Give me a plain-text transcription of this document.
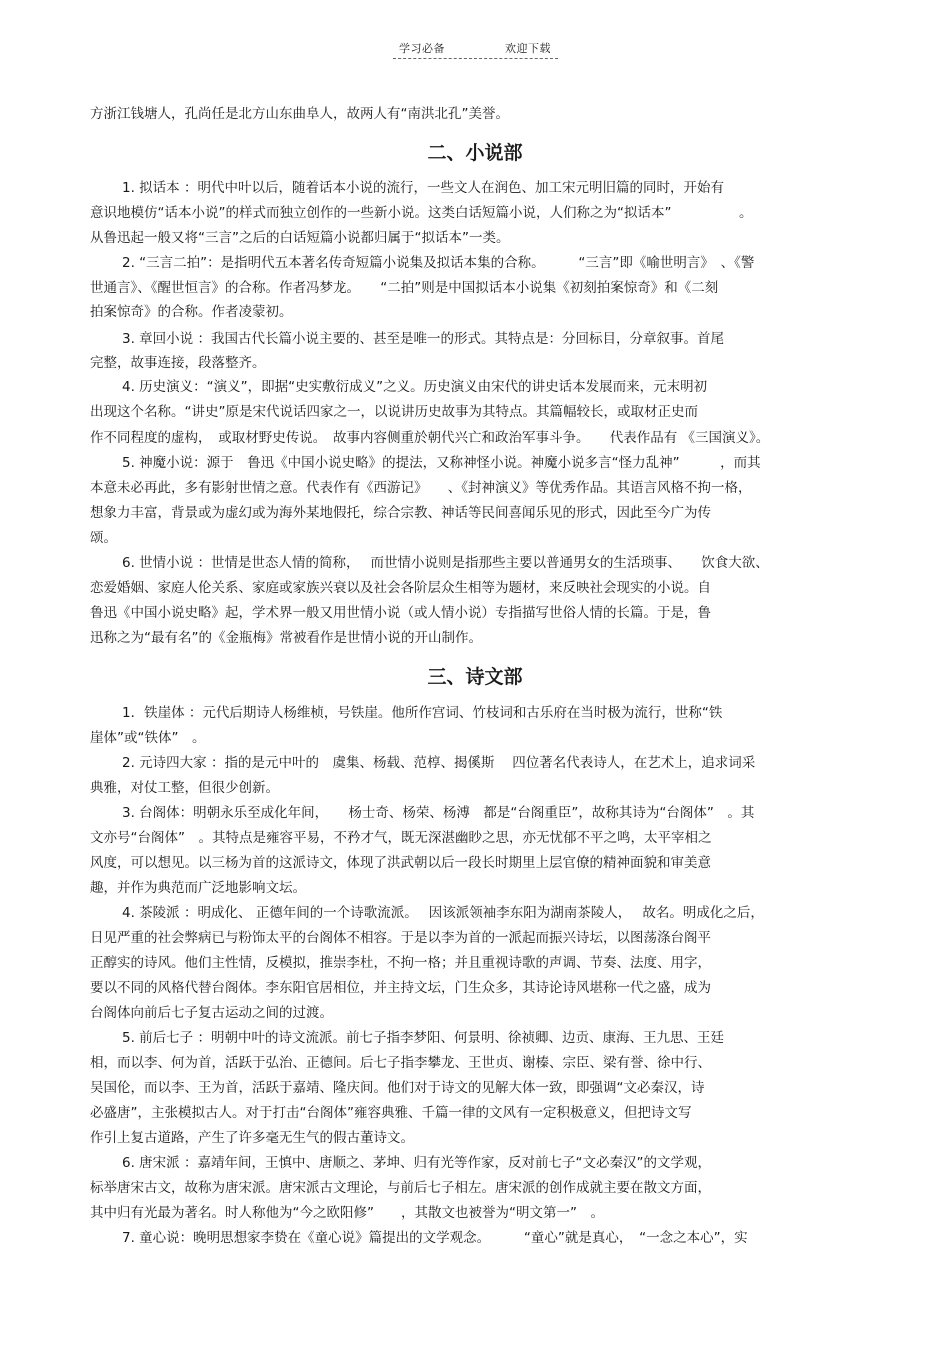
学习必备	欢迎下载

方浙江钱塘人，孔尚任是北方山东曲阜人，故两人有“南洪北孔”美誉。

二、小说部

1. 拟话本 ：明代中叶以后，随着话本小说的流行，一些文人在润色、加工宋元明旧篇的同时，开始有

意识地模仿“话本小说”的样式而独立创作的一些新小说。这类白话短篇小说，人们称之为“拟话本”　　　　　。

从鲁迅起一般又将“三言”之后的白话短篇小说都归属于“拟话本”一类。

2. “三言二拍”：是指明代五本著名传奇短篇小说集及拟话本集的合称。　　　“三言”即《喻世明言》　、《警

世通言》、《醒世恒言》的合称。作者冯梦龙。　　“二拍”则是中国拟话本小说集《初刻拍案惊奇》和《二刻

拍案惊奇》的合称。作者凌蒙初。

3. 章回小说 ：我国古代长篇小说主要的、甚至是唯一的形式。其特点是：分回标目，分章叙事。首尾

完整，故事连接，段落整齐。

4. 历史演义：“演义”，即据“史实敷衍成义”之义。历史演义由宋代的讲史话本发展而来，元末明初

出现这个名称。“讲史”原是宋代说话四家之一，以说讲历史故事为其特点。其篇幅较长，或取材正史而

作不同程度的虚构，　或取材野史传说。　故事内容侧重於朝代兴亡和政治军事斗争。　　代表作品有 《三国演义》。

5. 神魔小说：源于　鲁迅《中国小说史略》的提法，又称神怪小说。神魔小说多言“怪力乱神”　　　，而其

本意未必再此，多有影射世情之意。代表作有《西游记》　　、《封神演义》等优秀作品。其语言风格不拘一格，

想象力丰富，背景或为虚幻或为海外某地假托，综合宗教、神话等民间喜闻乐见的形式，因此至今广为传

颂。

6. 世情小说 ：世情是世态人情的简称，　 而世情小说则是指那些主要以普通男女的生活琐事、　　饮食大欲、

恋爱婚姻、家庭人伦关系、家庭或家族兴衰以及社会各阶层众生相等为题材，来反映社会现实的小说。自

鲁迅《中国小说史略》起，学术界一般又用世情小说（或人情小说）专指描写世俗人情的长篇。于是，鲁

迅称之为“最有名”的《金瓶梅》常被看作是世情小说的开山制作。

三、诗文部

1．铁崖体 ：元代后期诗人杨维桢，号铁崖。他所作宫词、竹枝词和古乐府在当时极为流行，世称“铁

崖体”或“铁体”　。

2. 元诗四大家 ：指的是元中叶的　虞集、杨载、范椁、揭傒斯　 四位著名代表诗人，在艺术上，追求词采

典雅，对仗工整，但很少创新。

3. 台阁体：明朝永乐至成化年间，　　杨士奇、杨荣、杨溥　都是“台阁重臣”，故称其诗为“台阁体”　。其

文亦号“台阁体”　。其特点是雍容平易，不矜才气，既无深湛幽眇之思，亦无忧郁不平之鸣，太平宰相之

风度，可以想见。以三杨为首的这派诗文，体现了洪武朝以后一段长时期里上层官僚的精神面貌和审美意

趣，并作为典范而广泛地影响文坛。

4. 茶陵派 ：明成化、 正德年间的一个诗歌流派。　 因该派领袖李东阳为湖南茶陵人，　 故名。明成化之后，

日见严重的社会弊病已与粉饰太平的台阁体不相容。于是以李为首的一派起而振兴诗坛，以图荡涤台阁平

正醇实的诗风。他们主性情，反模拟，推崇李杜，不拘一格；并且重视诗歌的声调、节奏、法度、用字，

要以不同的风格代替台阁体。李东阳官居相位，并主持文坛，门生众多，其诗论诗风堪称一代之盛，成为

台阁体向前后七子复古运动之间的过渡。

5. 前后七子 ：明朝中叶的诗文流派。前七子指李梦阳、何景明、徐祯卿、边贡、康海、王九思、王廷

相，而以李、何为首，活跃于弘治、正德间。后七子指李攀龙、王世贞、谢榛、宗臣、梁有誉、徐中行、

吴国伦，而以李、王为首，活跃于嘉靖、隆庆间。他们对于诗文的见解大体一致，即强调“文必秦汉，诗

必盛唐”，主张模拟古人。对于打击“台阁体”雍容典雅、千篇一律的文风有一定积极意义，但把诗文写

作引上复古道路，产生了许多毫无生气的假古董诗文。

6. 唐宋派 ：嘉靖年间，王慎中、唐顺之、茅坤、归有光等作家，反对前七子“文必秦汉”的文学观，

标举唐宋古文，故称为唐宋派。唐宋派古文理论，与前后七子相左。唐宋派的创作成就主要在散文方面，

其中归有光最为著名。时人称他为“今之欧阳修”　　，其散文也被誉为“明文第一”　。

7. 童心说：晚明思想家李贽在《童心说》篇提出的文学观念。　　　“童心”就是真心，　“一念之本心”，实
